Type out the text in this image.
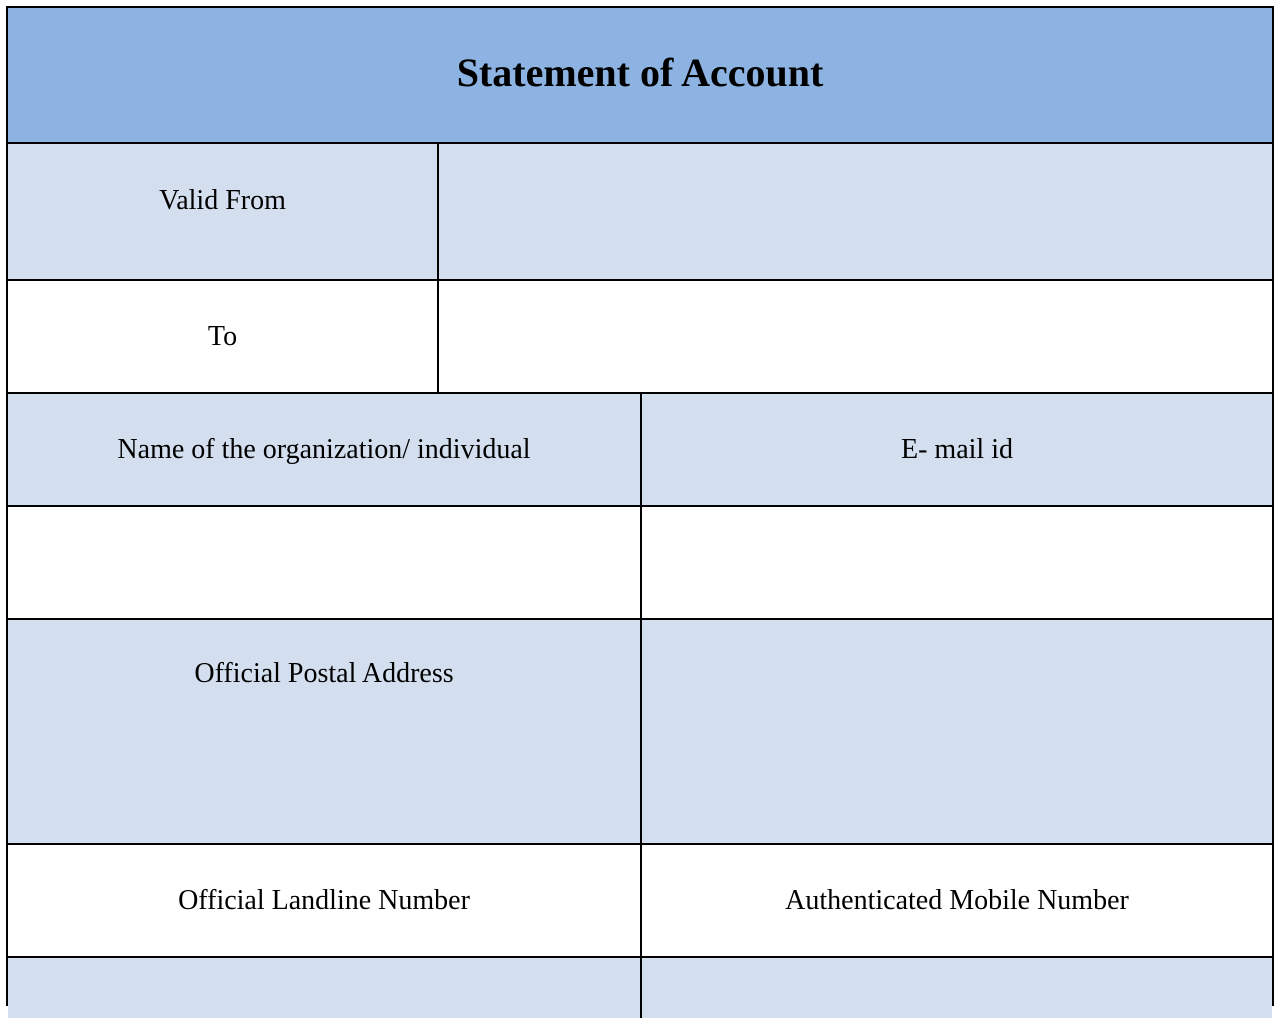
Statement of Account
Valid From
To
Name of the organization/ individual	E- mail id
Official Postal Address
Official Landline Number	Authenticated Mobile Number
